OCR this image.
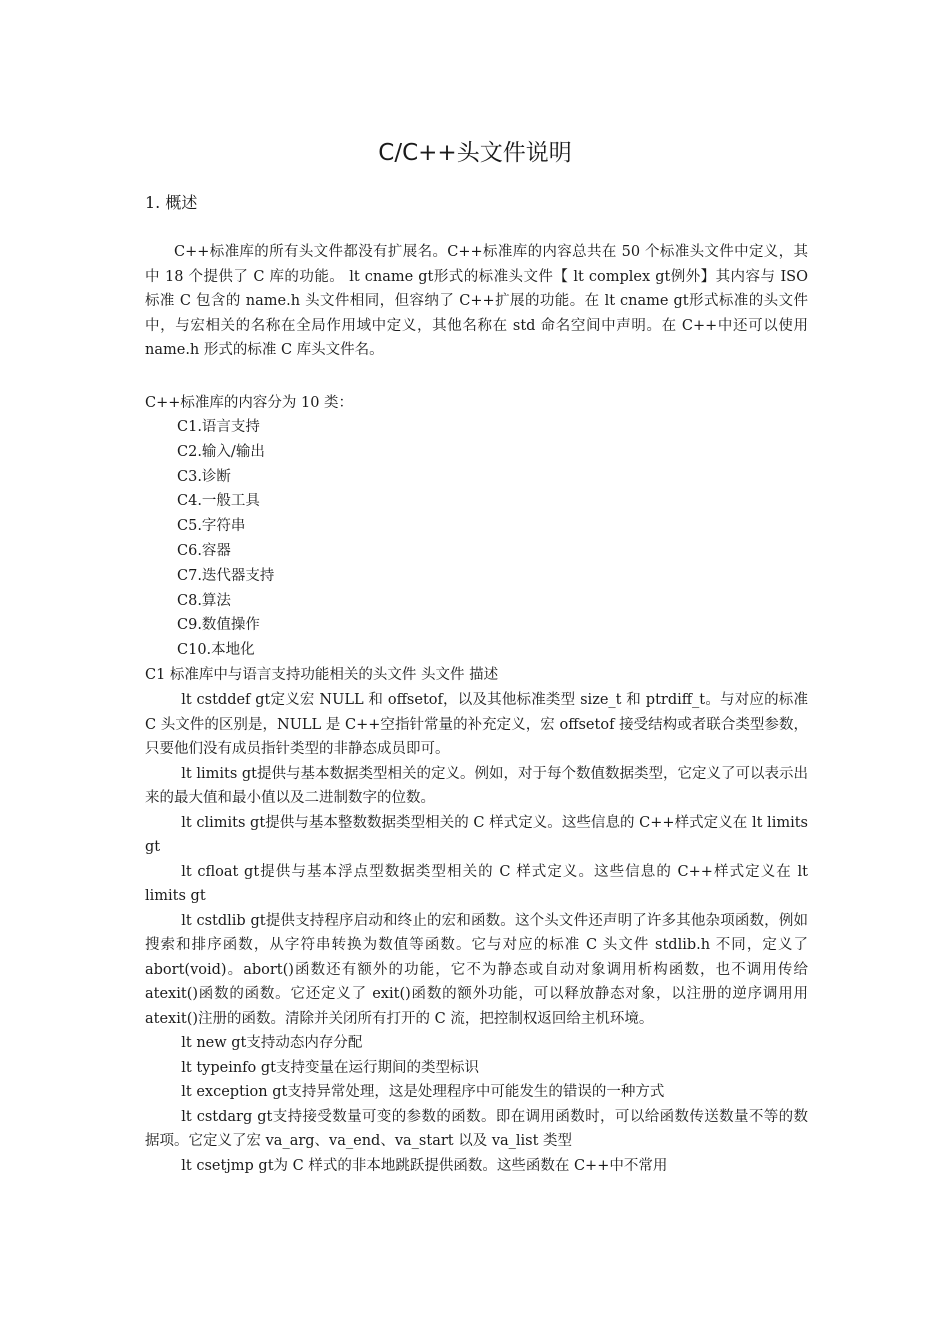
C/C++头文件说明
1. 概述

C++标准库的所有头文件都没有扩展名。C++标准库的内容总共在 50 个标准头文件中定义，其中 18 个提供了 C 库的功能。 lt cname gt形式的标准头文件【 lt complex gt例外】其内容与 ISO 标准 C 包含的 name.h 头文件相同，但容纳了 C++扩展的功能。在 lt cname gt形式标准的头文件中，与宏相关的名称在全局作用域中定义，其他名称在 std 命名空间中声明。在 C++中还可以使用 name.h 形式的标准 C 库头文件名。

C++标准库的内容分为 10 类：
C1.语言支持
C2.输入/输出
C3.诊断
C4.一般工具
C5.字符串
C6.容器
C7.迭代器支持
C8.算法
C9.数值操作
C10.本地化
C1 标准库中与语言支持功能相关的头文件 头文件 描述

lt cstddef gt定义宏 NULL 和 offsetof，以及其他标准类型 size_t 和 ptrdiff_t。与对应的标准 C 头文件的区别是，NULL 是 C++空指针常量的补充定义，宏 offsetof 接受结构或者联合类型参数，只要他们没有成员指针类型的非静态成员即可。

lt limits gt提供与基本数据类型相关的定义。例如，对于每个数值数据类型，它定义了可以表示出来的最大值和最小值以及二进制数字的位数。

lt climits gt提供与基本整数数据类型相关的 C 样式定义。这些信息的 C++样式定义在 lt limits gt

lt cfloat gt提供与基本浮点型数据类型相关的 C 样式定义。这些信息的 C++样式定义在 lt limits gt

lt cstdlib gt提供支持程序启动和终止的宏和函数。这个头文件还声明了许多其他杂项函数，例如搜索和排序函数，从字符串转换为数值等函数。它与对应的标准 C 头文件 stdlib.h 不同，定义了 abort(void)。abort()函数还有额外的功能，它不为静态或自动对象调用析构函数，也不调用传给 atexit()函数的函数。它还定义了 exit()函数的额外功能，可以释放静态对象，以注册的逆序调用用 atexit()注册的函数。清除并关闭所有打开的 C 流，把控制权返回给主机环境。

lt new gt支持动态内存分配

lt typeinfo gt支持变量在运行期间的类型标识

lt exception gt支持异常处理，这是处理程序中可能发生的错误的一种方式

lt cstdarg gt支持接受数量可变的参数的函数。即在调用函数时，可以给函数传送数量不等的数据项。它定义了宏 va_arg、va_end、va_start 以及 va_list 类型

lt csetjmp gt为 C 样式的非本地跳跃提供函数。这些函数在 C++中不常用
